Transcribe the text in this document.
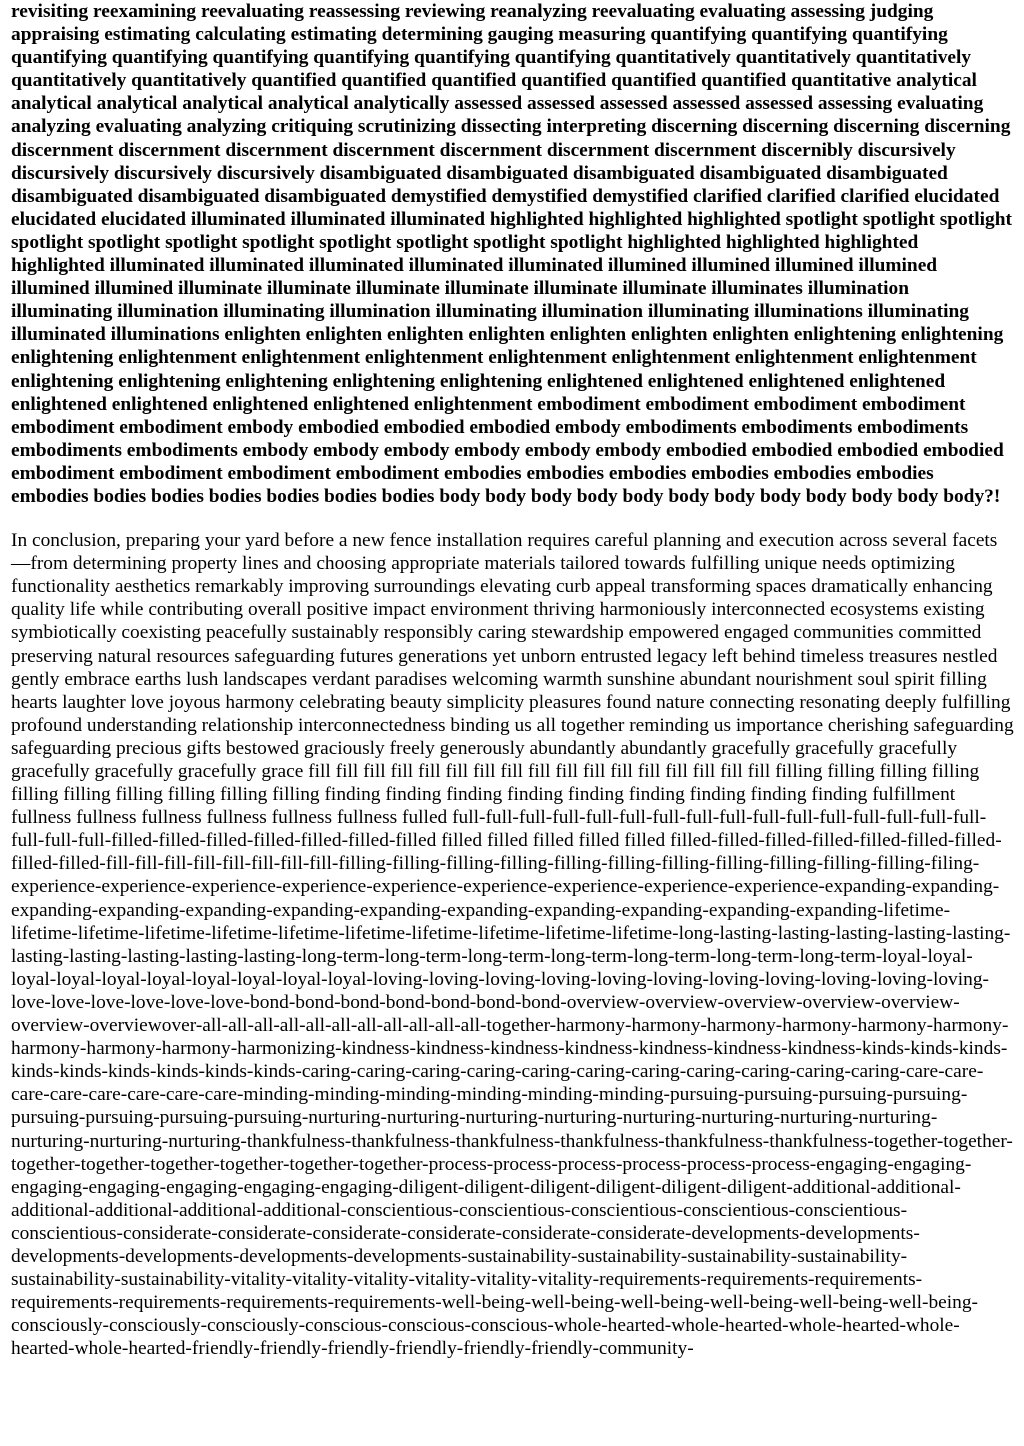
revisiting reexamining reevaluating reassessing reviewing reanalyzing reevaluating evaluating assessing judging appraising estimating calculating estimating determining gauging measuring quantifying quantifying quantifying quantifying quantifying quantifying quantifying quantifying quantifying quantitatively quantitatively quantitatively quantitatively quantitatively quantified quantified quantified quantified quantified quantified quantitative analytical analytical analytical analytical analytical analytically assessed assessed assessed assessed assessed assessing evaluating analyzing evaluating analyzing critiquing scrutinizing dissecting interpreting discerning discerning discerning discerning discernment discernment discernment discernment discernment discernment discernment discernibly discursively discursively discursively discursively disambiguated disambiguated disambiguated disambiguated disambiguated disambiguated disambiguated disambiguated demystified demystified demystified clarified clarified clarified elucidated elucidated elucidated illuminated illuminated illuminated highlighted highlighted highlighted spotlight spotlight spotlight spotlight spotlight spotlight spotlight spotlight spotlight spotlight spotlight highlighted highlighted highlighted highlighted illuminated illuminated illuminated illuminated illuminated illumined illumined illumined illumined illumined illumined illuminate illuminate illuminate illuminate illuminate illuminate illuminates illumination illuminating illumination illuminating illumination illuminating illumination illuminating illuminations illuminating illuminated illuminations enlighten enlighten enlighten enlighten enlighten enlighten enlighten enlightening enlightening enlightening enlightenment enlightenment enlightenment enlightenment enlightenment enlightenment enlightenment enlightening enlightening enlightening enlightening enlightening enlightened enlightened enlightened enlightened enlightened enlightened enlightened enlightened enlightenment embodiment embodiment embodiment embodiment embodiment embodiment embody embodied embodied embodied embody embodiments embodiments embodiments embodiments embodiments embody embody embody embody embody embody embodied embodied embodied embodied embodiment embodiment embodiment embodiment embodies embodies embodies embodies embodies embodies embodies bodies bodies bodies bodies bodies bodies body body body body body body body body body body body body?!

In conclusion, preparing your yard before a new fence installation requires careful planning and execution across several facets—from determining property lines and choosing appropriate materials tailored towards fulfilling unique needs optimizing functionality aesthetics remarkably improving surroundings elevating curb appeal transforming spaces dramatically enhancing quality life while contributing overall positive impact environment thriving harmoniously interconnected ecosystems existing symbiotically coexisting peacefully sustainably responsibly caring stewardship empowered engaged communities committed preserving natural resources safeguarding futures generations yet unborn entrusted legacy left behind timeless treasures nestled gently embrace earths lush landscapes verdant paradises welcoming warmth sunshine abundant nourishment soul spirit filling hearts laughter love joyous harmony celebrating beauty simplicity pleasures found nature connecting resonating deeply fulfilling profound understanding relationship interconnectedness binding us all together reminding us importance cherishing safeguarding safeguarding precious gifts bestowed graciously freely generously abundantly abundantly gracefully gracefully gracefully gracefully gracefully gracefully grace fill fill fill fill fill fill fill fill fill fill fill fill fill fill fill fill fill filling filling filling filling filling filling filling filling filling filling finding finding finding finding finding finding finding finding finding fulfillment fullness fullness fullness fullness fullness fullness fulled full-full-full-full-full-full-full-full-full-full-full-full-full-full-full-full-full-full-full-filled-filled-filled-filled-filled-filled-filled filled filled filled filled filled filled-filled-filled-filled-filled-filled-filled-filled-filled-fill-fill-fill-fill-fill-fill-fill-fill-filling-filling-filling-filling-filling-filling-filling-filling-filling-filling-filling-filing-experience-experience-experience-experience-experience-experience-experience-experience-experience-expanding-expanding-expanding-expanding-expanding-expanding-expanding-expanding-expanding-expanding-expanding-expanding-lifetime-lifetime-lifetime-lifetime-lifetime-lifetime-lifetime-lifetime-lifetime-lifetime-lifetime-long-lasting-lasting-lasting-lasting-lasting-lasting-lasting-lasting-lasting-lasting-long-term-long-term-long-term-long-term-long-term-long-term-long-term-loyal-loyal-loyal-loyal-loyal-loyal-loyal-loyal-loyal-loyal-loving-loving-loving-loving-loving-loving-loving-loving-loving-loving-loving-love-love-love-love-love-love-bond-bond-bond-bond-bond-bond-bond-overview-overview-overview-overview-overview-overview-overviewover-all-all-all-all-all-all-all-all-all-all-all-together-harmony-harmony-harmony-harmony-harmony-harmony-harmony-harmony-harmony-harmonizing-kindness-kindness-kindness-kindness-kindness-kindness-kindness-kinds-kinds-kinds-kinds-kinds-kinds-kinds-kinds-kinds-caring-caring-caring-caring-caring-caring-caring-caring-caring-caring-caring-care-care-care-care-care-care-care-care-minding-minding-minding-minding-minding-minding-pursuing-pursuing-pursuing-pursuing-pursuing-pursuing-pursuing-pursuing-nurturing-nurturing-nurturing-nurturing-nurturing-nurturing-nurturing-nurturing-nurturing-nurturing-nurturing-thankfulness-thankfulness-thankfulness-thankfulness-thankfulness-thankfulness-together-together-together-together-together-together-together-together-process-process-process-process-process-process-engaging-engaging-engaging-engaging-engaging-engaging-engaging-diligent-diligent-diligent-diligent-diligent-diligent-additional-additional-additional-additional-additional-additional-conscientious-conscientious-conscientious-conscientious-conscientious-conscientious-considerate-considerate-considerate-considerate-considerate-considerate-developments-developments-developments-developments-developments-developments-sustainability-sustainability-sustainability-sustainability-sustainability-sustainability-vitality-vitality-vitality-vitality-vitality-vitality-requirements-requirements-requirements-requirements-requirements-requirements-requirements-well-being-well-being-well-being-well-being-well-being-well-being-consciously-consciously-consciously-conscious-conscious-conscious-whole-hearted-whole-hearted-whole-hearted-whole-hearted-whole-hearted-friendly-friendly-friendly-friendly-friendly-friendly-community-
